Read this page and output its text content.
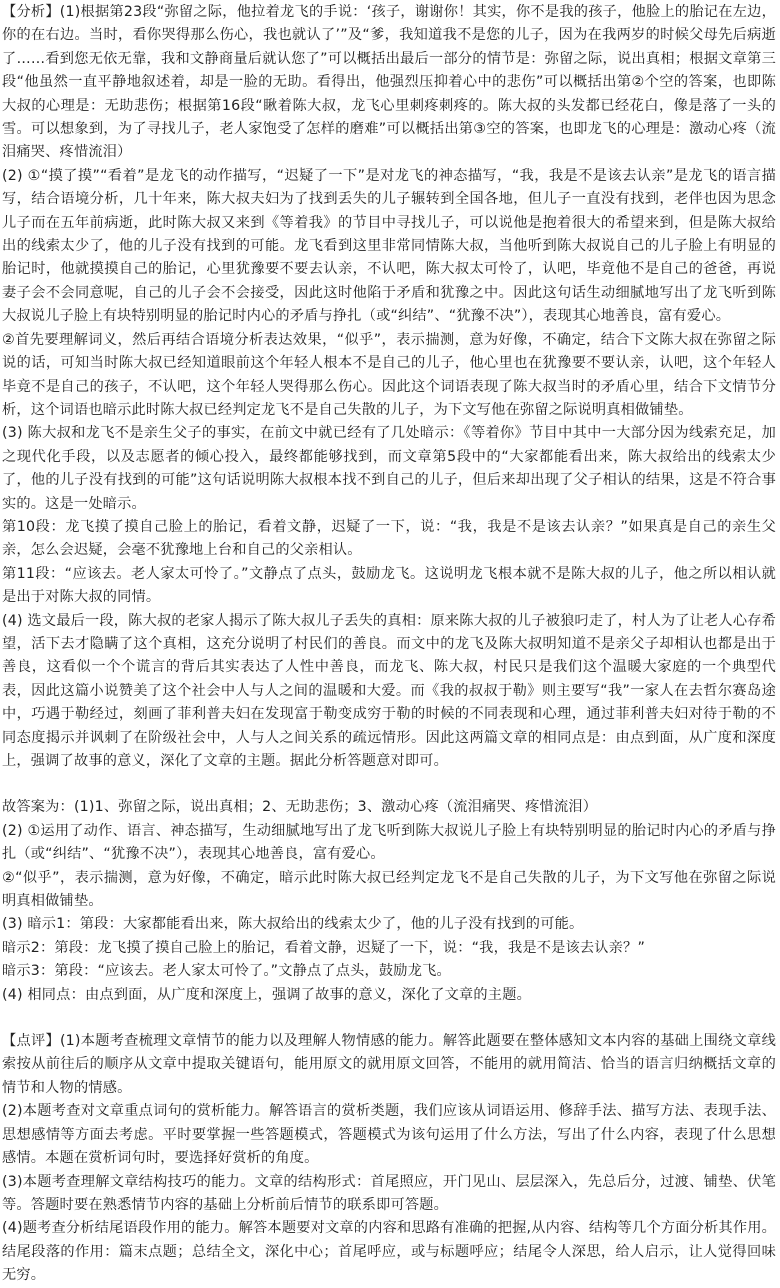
【分析】(1)根据第23段“弥留之际，他拉着龙飞的手说：‘孩子，谢谢你！其实，你不是我的孩子，他脸上的胎记在左边，你的在右边。当时，看你哭得那么伤心，我也就认了’”及“爹，我知道我不是您的儿子，因为在我两岁的时候父母先后病逝了……看到您无依无靠，我和文静商量后就认您了”可以概括出最后一部分的情节是：弥留之际，说出真相；根据文章第三段“他虽然一直平静地叙述着，却是一脸的无助。看得出，他强烈压抑着心中的悲伤”可以概括出第②个空的答案，也即陈大叔的心理是：无助悲伤；根据第16段“瞅着陈大叔，龙飞心里刺疼刺疼的。陈大叔的头发都已经花白，像是落了一头的雪。可以想象到，为了寻找儿子，老人家饱受了怎样的磨难”可以概括出第③空的答案，也即龙飞的心理是：激动心疼（流泪痛哭、疼惜流泪）

(2) ①“摸了摸”“看着”是龙飞的动作描写，“迟疑了一下”是对龙飞的神态描写，“我，我是不是该去认亲”是龙飞的语言描写，结合语境分析，几十年来，陈大叔夫妇为了找到丢失的儿子辗转到全国各地，但儿子一直没有找到，老伴也因为思念儿子而在五年前病逝，此时陈大叔又来到《等着我》的节目中寻找儿子，可以说他是抱着很大的希望来到，但是陈大叔给出的线索太少了，他的儿子没有找到的可能。龙飞看到这里非常同情陈大叔，当他听到陈大叔说自己的儿子脸上有明显的胎记时，他就摸摸自己的胎记，心里犹豫要不要去认亲，不认吧，陈大叔太可怜了，认吧，毕竟他不是自己的爸爸，再说妻子会不会同意呢，自己的儿子会不会接受，因此这时他陷于矛盾和犹豫之中。因此这句话生动细腻地写出了龙飞听到陈大叔说儿子脸上有块特别明显的胎记时内心的矛盾与挣扎（或“纠结”、“犹豫不决”），表现其心地善良，富有爱心。

②首先要理解词义，然后再结合语境分析表达效果，“似乎”，表示揣测，意为好像，不确定，结合下文陈大叔在弥留之际说的话，可知当时陈大叔已经知道眼前这个年轻人根本不是自己的儿子，他心里也在犹豫要不要认亲，认吧，这个年轻人毕竟不是自己的孩子，不认吧，这个年轻人哭得那么伤心。因此这个词语表现了陈大叔当时的矛盾心里，结合下文情节分析，这个词语也暗示此时陈大叔已经判定龙飞不是自己失散的儿子，为下文写他在弥留之际说明真相做铺垫。

(3) 陈大叔和龙飞不是亲生父子的事实，在前文中就已经有了几处暗示：《等着你》节目中其中一大部分因为线索充足，加之现代化手段，以及志愿者的倾心投入，最终都能够找到，而文章第5段中的“大家都能看出来，陈大叔给出的线索太少了，他的儿子没有找到的可能”这句话说明陈大叔根本找不到自己的儿子，但后来却出现了父子相认的结果，这是不符合事实的。这是一处暗示。

第10段：龙飞摸了摸自己脸上的胎记，看着文静，迟疑了一下，说：“我，我是不是该去认亲？”如果真是自己的亲生父亲，怎么会迟疑，会毫不犹豫地上台和自己的父亲相认。

第11段：“应该去。老人家太可怜了。”文静点了点头，鼓励龙飞。这说明龙飞根本就不是陈大叔的儿子，他之所以相认就是出于对陈大叔的同情。

(4) 选文最后一段，陈大叔的老家人揭示了陈大叔儿子丢失的真相：原来陈大叔的儿子被狼叼走了，村人为了让老人心存希望，活下去才隐瞒了这个真相，这充分说明了村民们的善良。而文中的龙飞及陈大叔明知道不是亲父子却相认也都是出于善良，这看似一个个谎言的背后其实表达了人性中善良，而龙飞、陈大叔，村民只是我们这个温暖大家庭的一个典型代表，因此这篇小说赞美了这个社会中人与人之间的温暖和大爱。而《我的叔叔于勒》则主要写“我”一家人在去哲尔赛岛途中，巧遇于勒经过，刻画了菲利普夫妇在发现富于勒变成穷于勒的时候的不同表现和心理，通过菲利普夫妇对待于勒的不同态度揭示并讽刺了在阶级社会中，人与人之间关系的疏远情形。因此这两篇文章的相同点是：由点到面，从广度和深度上，强调了故事的意义，深化了文章的主题。据此分析答题意对即可。

故答案为：(1)1、弥留之际，说出真相；2、无助悲伤；3、激动心疼（流泪痛哭、疼惜流泪）

(2) ①运用了动作、语言、神态描写，生动细腻地写出了龙飞听到陈大叔说儿子脸上有块特别明显的胎记时内心的矛盾与挣扎（或“纠结”、“犹豫不决”），表现其心地善良，富有爱心。

②“似乎”，表示揣测，意为好像，不确定，暗示此时陈大叔已经判定龙飞不是自己失散的儿子，为下文写他在弥留之际说明真相做铺垫。

(3) 暗示1：第段：大家都能看出来，陈大叔给出的线索太少了，他的儿子没有找到的可能。

暗示2：第段：龙飞摸了摸自己脸上的胎记，看着文静，迟疑了一下，说：“我，我是不是该去认亲？”

暗示3：第段：“应该去。老人家太可怜了。”文静点了点头，鼓励龙飞。

(4) 相同点：由点到面，从广度和深度上，强调了故事的意义，深化了文章的主题。

【点评】(1)本题考查梳理文章情节的能力以及理解人物情感的能力。解答此题要在整体感知文本内容的基础上围绕文章线索按从前往后的顺序从文章中提取关键语句，能用原文的就用原文回答，不能用的就用简洁、恰当的语言归纳概括文章的情节和人物的情感。

(2)本题考查对文章重点词句的赏析能力。解答语言的赏析类题，我们应该从词语运用、修辞手法、描写方法、表现手法、思想感情等方面去考虑。平时要掌握一些答题模式，答题模式为该句运用了什么方法，写出了什么内容，表现了什么思想感情。本题在赏析词句时，要选择好赏析的角度。

(3)本题考查理解文章结构技巧的能力。文章的结构形式：首尾照应，开门见山、层层深入，先总后分，过渡、铺垫、伏笔等。答题时要在熟悉情节内容的基础上分析前后情节的联系即可答题。

(4)题考查分析结尾语段作用的能力。解答本题要对文章的内容和思路有准确的把握,从内容、结构等几个方面分析其作用。结尾段落的作用：篇末点题；总结全文，深化中心；首尾呼应，或与标题呼应；结尾令人深思，给人启示，让人觉得回味无穷。
